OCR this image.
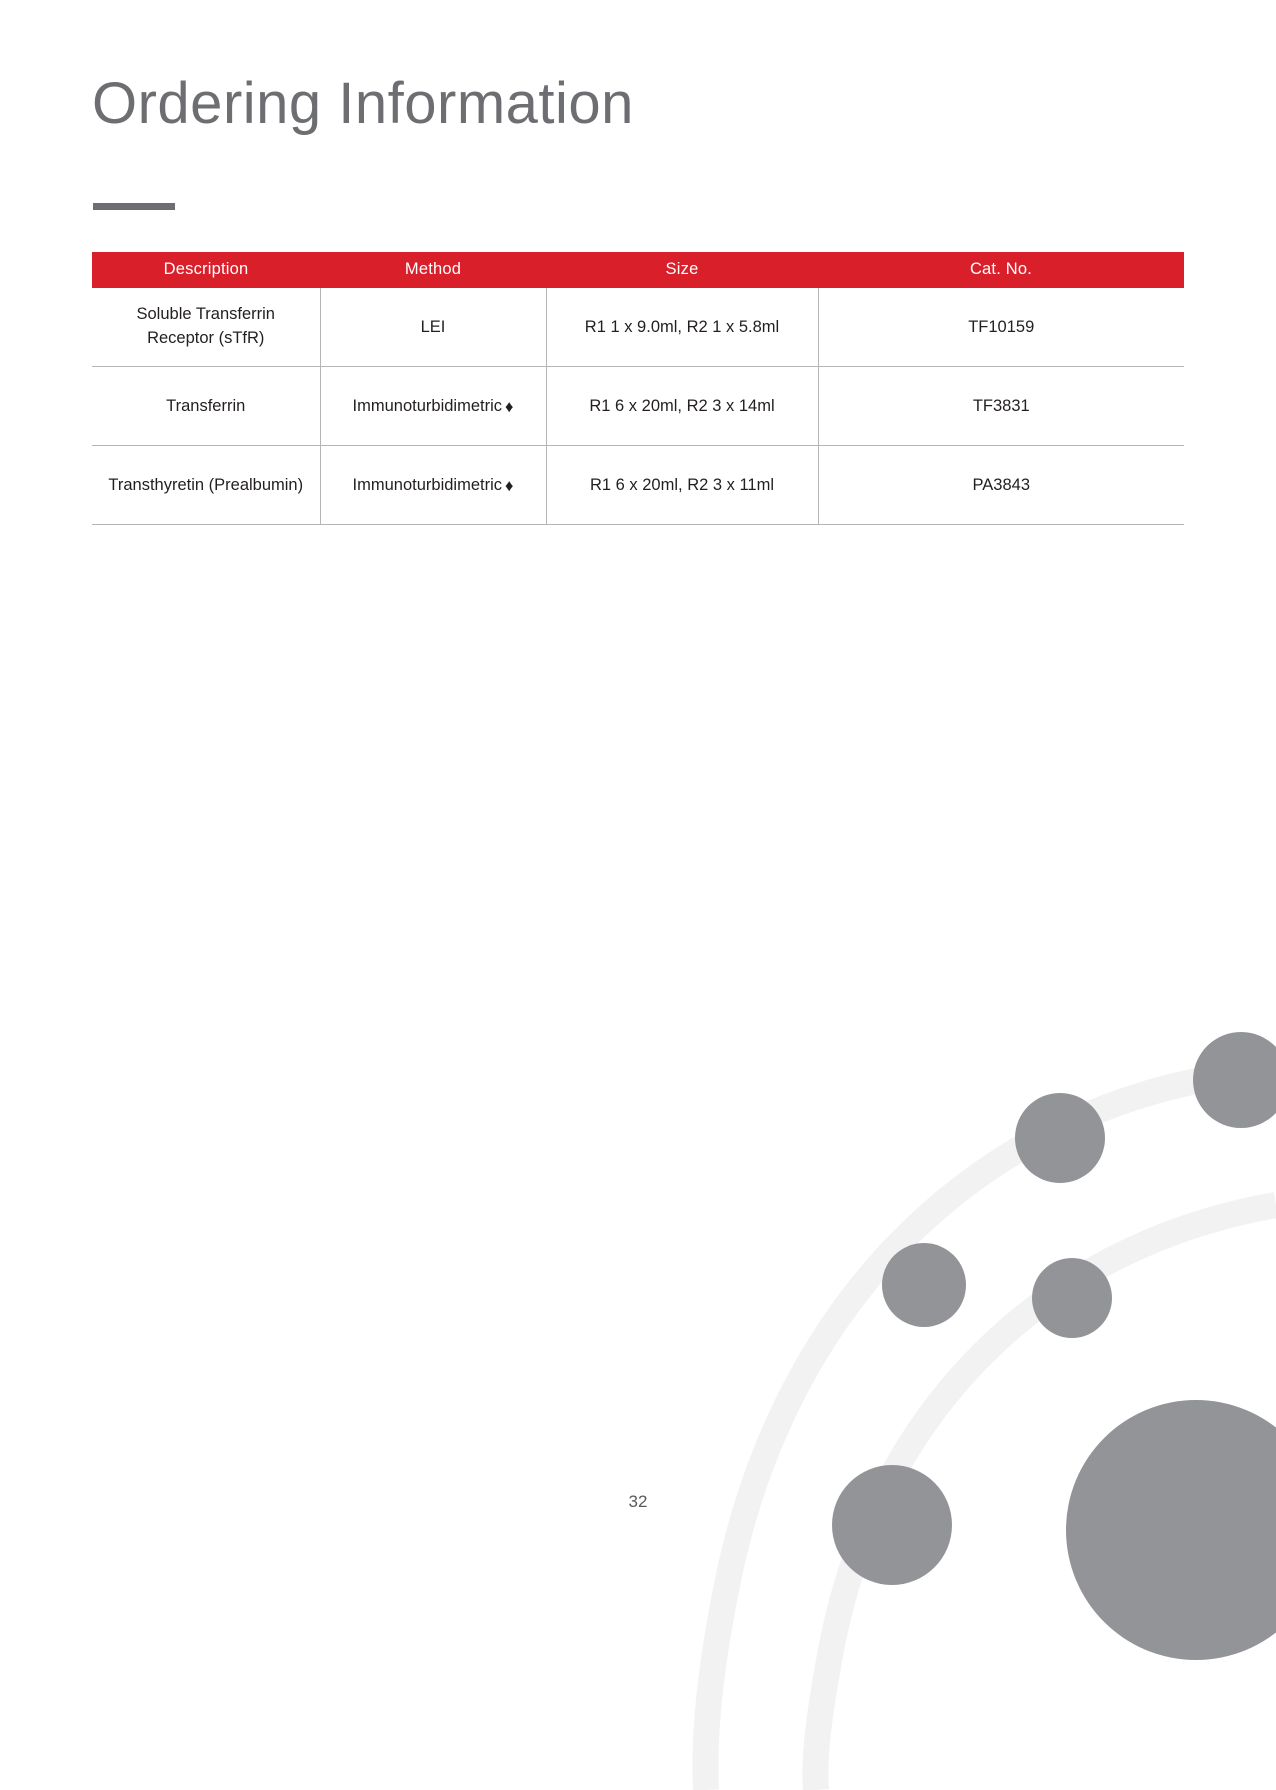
Ordering Information
Description	Method	Size	Cat. No.

Soluble Transferrin
Receptor (sTfR)	LEI	R1 1 x 9.0ml, R2 1 x 5.8ml	TF10159
Transferrin	Immunoturbidimetric ♦	R1 6 x 20ml, R2 3 x 14ml	TF3831
Transthyretin (Prealbumin)	Immunoturbidimetric ♦	R1 6 x 20ml, R2 3 x 11ml	PA3843
32
